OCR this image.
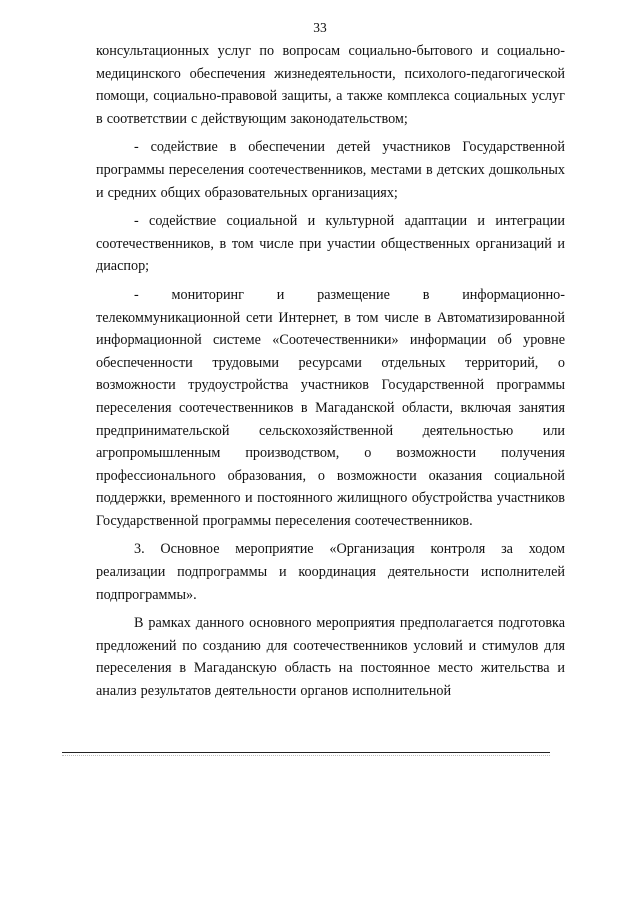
33

консультационных услуг по вопросам социально-бытового и социально-медицинского обеспечения жизнедеятельности, психолого-педагогической помощи, социально-правовой защиты, а также комплекса социальных услуг в соответствии с действующим законодательством;

- содействие в обеспечении детей участников Государственной программы переселения соотечественников, местами в детских дошкольных и средних общих образовательных организациях;

- содействие социальной и культурной адаптации и интеграции соотечественников, в том числе при участии общественных организаций и диаспор;

- мониторинг и размещение в информационно-телекоммуникационной сети Интернет, в том числе в Автоматизированной информационной системе «Соотечественники» информации об уровне обеспеченности трудовыми ресурсами отдельных территорий, о возможности трудоустройства участников Государственной программы переселения соотечественников в Магаданской области, включая занятия предпринимательской сельскохозяйственной деятельностью или агропромышленным производством, о возможности получения профессионального образования, о возможности оказания социальной поддержки, временного и постоянного жилищного обустройства участников Государственной программы переселения соотечественников.

3. Основное мероприятие «Организация контроля за ходом реализации подпрограммы и координация деятельности исполнителей подпрограммы».

В рамках данного основного мероприятия предполагается подготовка предложений по созданию для соотечественников условий и стимулов для переселения в Магаданскую область на постоянное место жительства и анализ результатов деятельности органов исполнительной
